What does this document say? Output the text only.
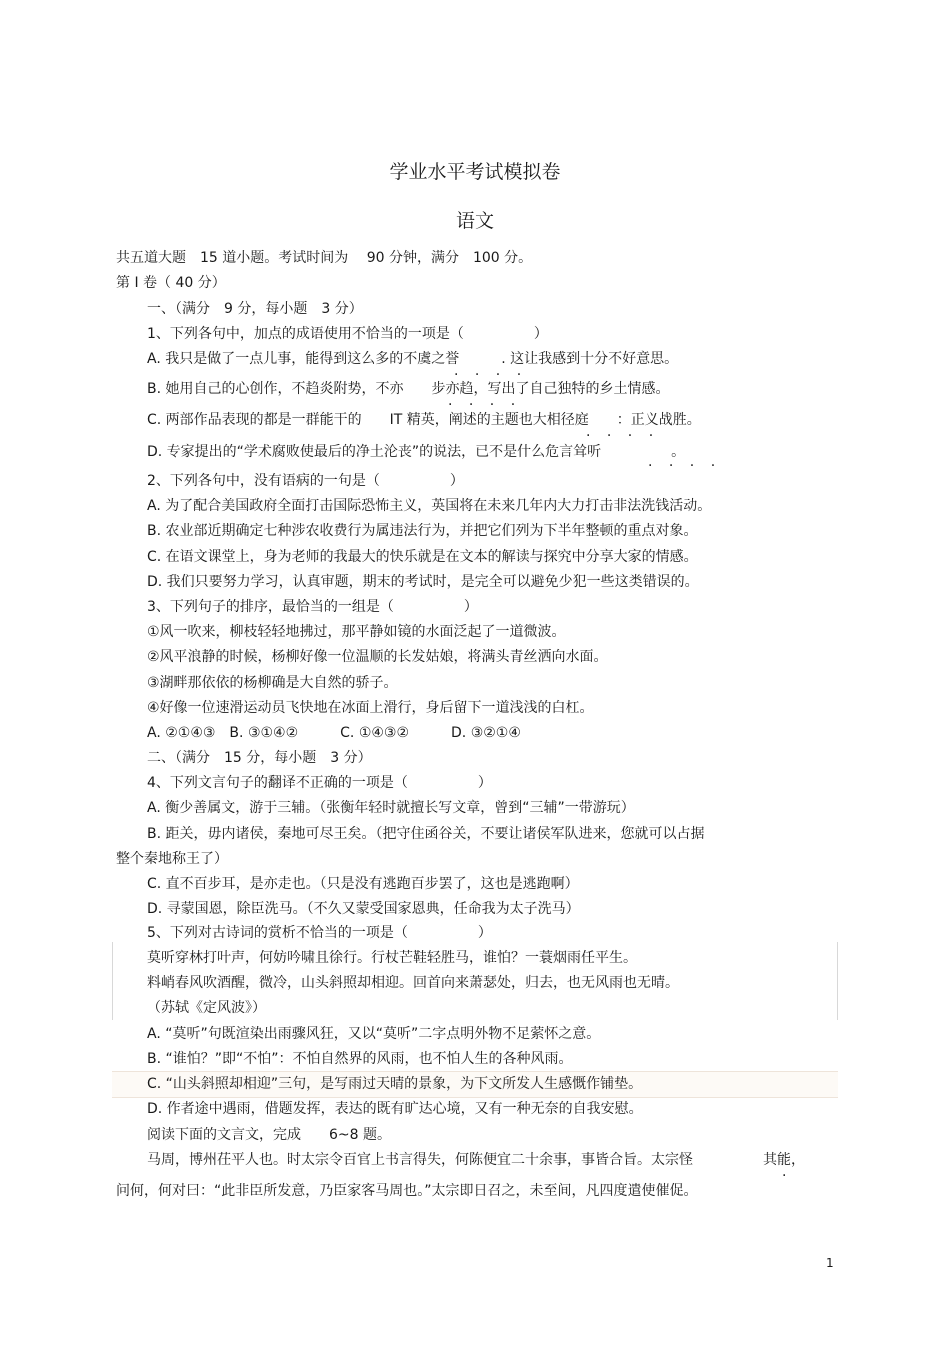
学业水平考试模拟卷
语文
共五道大题　15 道小题。考试时间为　 90 分钟，满分　100 分。
第 I 卷（ 40 分）
一、（满分　9 分，每小题　3 分）
1、下列各句中，加点的成语使用不恰当的一项是（　　　　　）
A. 我只是做了一点儿事，能得到这么多的不虞之誉　　　. 这让我感到十分不好意思。
. . . .
B. 她用自己的心创作，不趋炎附势，不亦　　步亦趋，写出了自己独特的乡土情感。
. . . .
C. 两部作品表现的都是一群能干的　　IT 精英，阐述的主题也大相径庭　　：正义战胜。
. . . .
D. 专家提出的“学术腐败使最后的净土沦丧”的说法，已不是什么危言耸听　　　　　。
. . . .
2、下列各句中，没有语病的一句是（　　　　　）
A. 为了配合美国政府全面打击国际恐怖主义，英国将在未来几年内大力打击非法洗钱活动。
B. 农业部近期确定七种涉农收费行为属违法行为，并把它们列为下半年整顿的重点对象。
C. 在语文课堂上，身为老师的我最大的快乐就是在文本的解读与探究中分享大家的情感。
D. 我们只要努力学习，认真审题，期末的考试时，是完全可以避免少犯一些这类错误的。
3、下列句子的排序，最恰当的一组是（　　　　　）
①风一吹来，柳枝轻轻地拂过，那平静如镜的水面泛起了一道微波。
②风平浪静的时候，杨柳好像一位温顺的长发姑娘，将满头青丝洒向水面。
③湖畔那依依的杨柳确是大自然的骄子。
④好像一位速滑运动员飞快地在冰面上滑行，身后留下一道浅浅的白杠。
A. ②①④③　B. ③①④②　　　C. ①④③②　　　D. ③②①④
二、（满分　15 分，每小题　3 分）
4、下列文言句子的翻译不正确的一项是（　　　　　）
A. 衡少善属文，游于三辅。（张衡年轻时就擅长写文章，曾到“三辅”一带游玩）
B. 距关，毋内诸侯，秦地可尽王矣。（把守住函谷关，不要让诸侯军队进来，您就可以占据
整个秦地称王了）
C. 直不百步耳，是亦走也。（只是没有逃跑百步罢了，这也是逃跑啊）
D. 寻蒙国恩，除臣洗马。（不久又蒙受国家恩典，任命我为太子洗马）
5、下列对古诗词的赏析不恰当的一项是（　　　　　）
莫听穿林打叶声，何妨吟啸且徐行。行杖芒鞋轻胜马，谁怕？一蓑烟雨任平生。
料峭春风吹酒醒，微冷，山头斜照却相迎。回首向来萧瑟处，归去，也无风雨也无晴。
（苏轼《定风波》）
A. “莫听”句既渲染出雨骤风狂，又以“莫听”二字点明外物不足萦怀之意。
B. “谁怕？”即“不怕”：不怕自然界的风雨，也不怕人生的各种风雨。
C. “山头斜照却相迎”三句，是写雨过天晴的景象，为下文所发人生感慨作铺垫。
D. 作者途中遇雨，借题发挥，表达的既有旷达心境，又有一种无奈的自我安慰。
阅读下面的文言文，完成　　6~8 题。
马周，博州茌平人也。时太宗令百官上书言得失，何陈便宜二十余事，事皆合旨。太宗怪　　　　　其能，
.
问何，何对曰：“此非臣所发意，乃臣家客马周也。”太宗即日召之，未至间，凡四度遣使催促。
1
